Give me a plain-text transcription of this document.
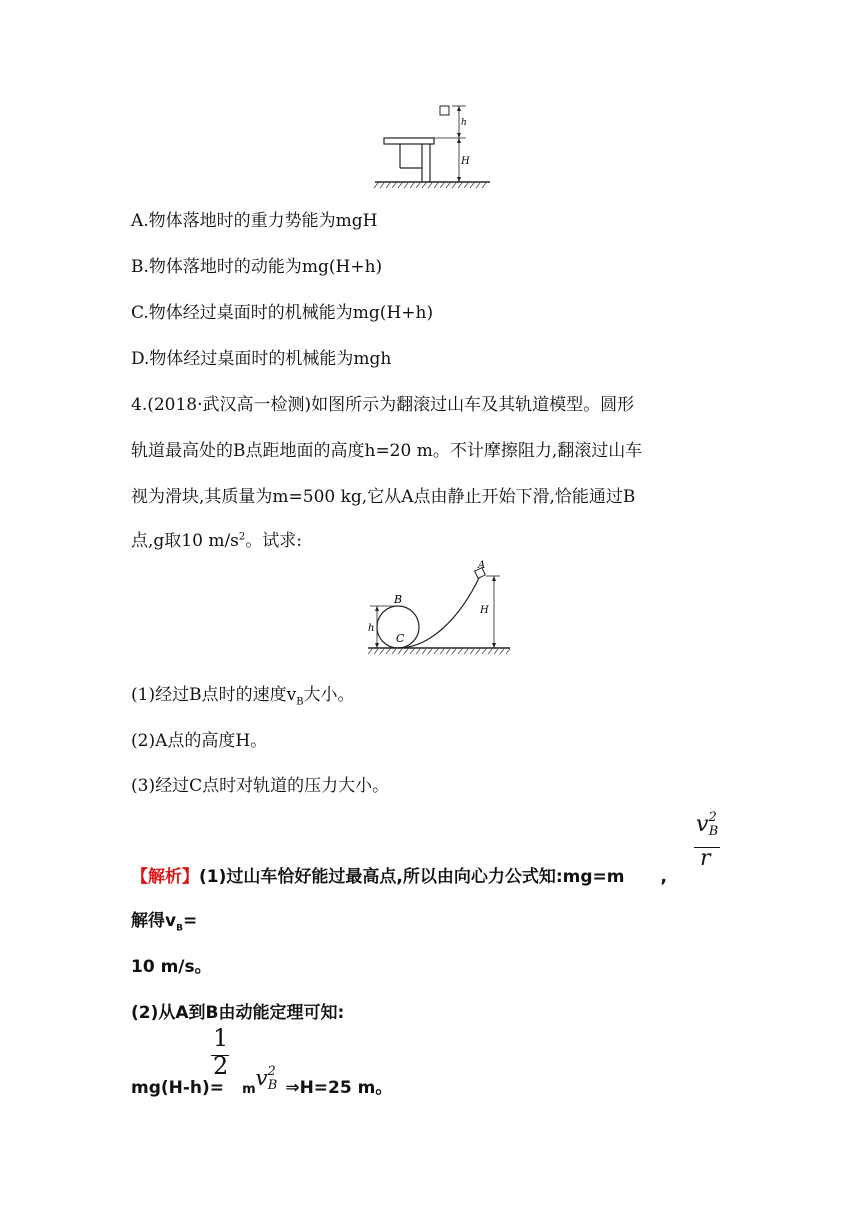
h
H
A.物体落地时的重力势能为mgH
B.物体落地时的动能为mg(H+h)
C.物体经过桌面时的机械能为mg(H+h)
D.物体经过桌面时的机械能为mgh
4.(2018·武汉高一检测)如图所示为翻滚过山车及其轨道模型。圆形
轨道最高处的B点距地面的高度h=20 m。不计摩擦阻力,翻滚过山车
视为滑块,其质量为m=500 kg,它从A点由静止开始下滑,恰能通过B
点,g取10 $m/s^2$。试求:
A
B
C
h
H
(1)经过B点时的速度$v_B$大小。
(2)A点的高度H。
(3)经过C点时对轨道的压力大小。
$v^2B$
r
【解析】(1)过山车恰好能过最高点,所以由向心力公式知:mg=m ,
解得$v_B=$
10 m/s。
(2)从A到B由动能定理可知:
1
2
$mg(H-h)= mv^2B$ ⇒H=25 m。
